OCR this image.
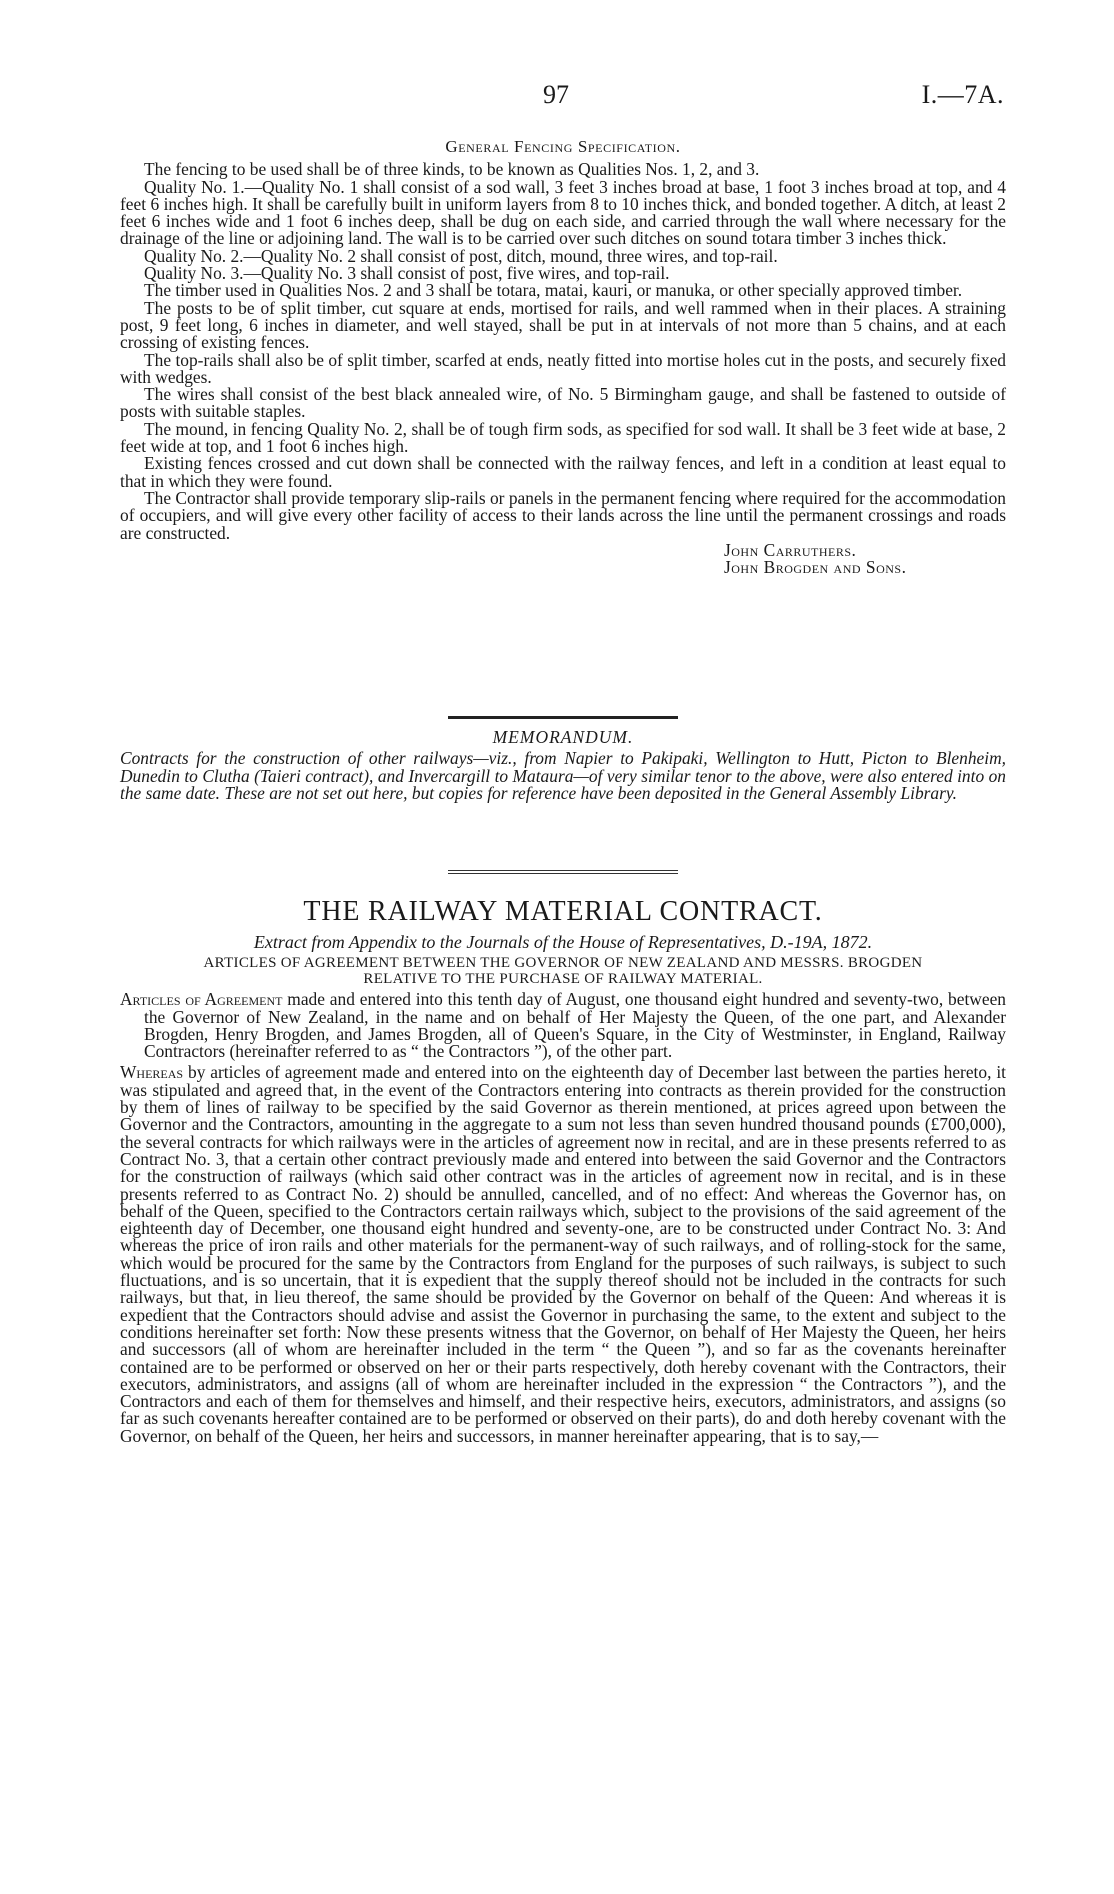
97	I.—7A.
General Fencing Specification.

The fencing to be used shall be of three kinds, to be known as Qualities Nos. 1, 2, and 3.

Quality No. 1.—Quality No. 1 shall consist of a sod wall, 3 feet 3 inches broad at base, 1 foot 3 inches broad at top, and 4 feet 6 inches high. It shall be carefully built in uniform layers from 8 to 10 inches thick, and bonded together. A ditch, at least 2 feet 6 inches wide and 1 foot 6 inches deep, shall be dug on each side, and carried through the wall where necessary for the drainage of the line or adjoining land. The wall is to be carried over such ditches on sound totara timber 3 inches thick.

Quality No. 2.—Quality No. 2 shall consist of post, ditch, mound, three wires, and top-rail.

Quality No. 3.—Quality No. 3 shall consist of post, five wires, and top-rail.

The timber used in Qualities Nos. 2 and 3 shall be totara, matai, kauri, or manuka, or other specially approved timber.

The posts to be of split timber, cut square at ends, mortised for rails, and well rammed when in their places. A straining post, 9 feet long, 6 inches in diameter, and well stayed, shall be put in at intervals of not more than 5 chains, and at each crossing of existing fences.

The top-rails shall also be of split timber, scarfed at ends, neatly fitted into mortise holes cut in the posts, and securely fixed with wedges.

The wires shall consist of the best black annealed wire, of No. 5 Birmingham gauge, and shall be fastened to outside of posts with suitable staples.

The mound, in fencing Quality No. 2, shall be of tough firm sods, as specified for sod wall. It shall be 3 feet wide at base, 2 feet wide at top, and 1 foot 6 inches high.

Existing fences crossed and cut down shall be connected with the railway fences, and left in a condition at least equal to that in which they were found.

The Contractor shall provide temporary slip-rails or panels in the permanent fencing where required for the accommodation of occupiers, and will give every other facility of access to their lands across the line until the permanent crossings and roads are constructed.

John Carruthers.

John Brogden and Sons.

MEMORANDUM.

Contracts for the construction of other railways—viz., from Napier to Pakipaki, Wellington to Hutt, Picton to Blenheim, Dunedin to Clutha (Taieri contract), and Invercargill to Mataura—of very similar tenor to the above, were also entered into on the same date. These are not set out here, but copies for reference have been deposited in the General Assembly Library.

THE RAILWAY MATERIAL CONTRACT.
Extract from Appendix to the Journals of the House of Representatives, D.-19A, 1872.
ARTICLES OF AGREEMENT BETWEEN THE GOVERNOR OF NEW ZEALAND AND MESSRS. BROGDEN
RELATIVE TO THE PURCHASE OF RAILWAY MATERIAL.

Articles of Agreement made and entered into this tenth day of August, one thousand eight hundred and seventy-two, between the Governor of New Zealand, in the name and on behalf of Her Majesty the Queen, of the one part, and Alexander Brogden, Henry Brogden, and James Brogden, all of Queen's Square, in the City of Westminster, in England, Railway Contractors (hereinafter referred to as “ the Contractors ”), of the other part.

Whereas by articles of agreement made and entered into on the eighteenth day of December last between the parties hereto, it was stipulated and agreed that, in the event of the Contractors entering into contracts as therein provided for the construction by them of lines of railway to be specified by the said Governor as therein mentioned, at prices agreed upon between the Governor and the Contractors, amounting in the aggregate to a sum not less than seven hundred thousand pounds (£700,000), the several contracts for which railways were in the articles of agreement now in recital, and are in these presents referred to as Contract No. 3, that a certain other contract previously made and entered into between the said Governor and the Contractors for the construction of railways (which said other contract was in the articles of agreement now in recital, and is in these presents referred to as Contract No. 2) should be annulled, cancelled, and of no effect: And whereas the Governor has, on behalf of the Queen, specified to the Contractors certain railways which, subject to the provisions of the said agreement of the eighteenth day of December, one thousand eight hundred and seventy-one, are to be constructed under Contract No. 3: And whereas the price of iron rails and other materials for the permanent-way of such railways, and of rolling-stock for the same, which would be procured for the same by the Contractors from England for the purposes of such railways, is subject to such fluctuations, and is so uncertain, that it is expedient that the supply thereof should not be included in the contracts for such railways, but that, in lieu thereof, the same should be provided by the Governor on behalf of the Queen: And whereas it is expedient that the Contractors should advise and assist the Governor in purchasing the same, to the extent and subject to the conditions hereinafter set forth: Now these presents witness that the Governor, on behalf of Her Majesty the Queen, her heirs and successors (all of whom are hereinafter included in the term “ the Queen ”), and so far as the covenants hereinafter contained are to be performed or observed on her or their parts respectively, doth hereby covenant with the Contractors, their executors, administrators, and assigns (all of whom are hereinafter included in the expression “ the Contractors ”), and the Contractors and each of them for themselves and himself, and their respective heirs, executors, administrators, and assigns (so far as such covenants hereafter contained are to be performed or observed on their parts), do and doth hereby covenant with the Governor, on behalf of the Queen, her heirs and successors, in manner hereinafter appearing, that is to say,—
